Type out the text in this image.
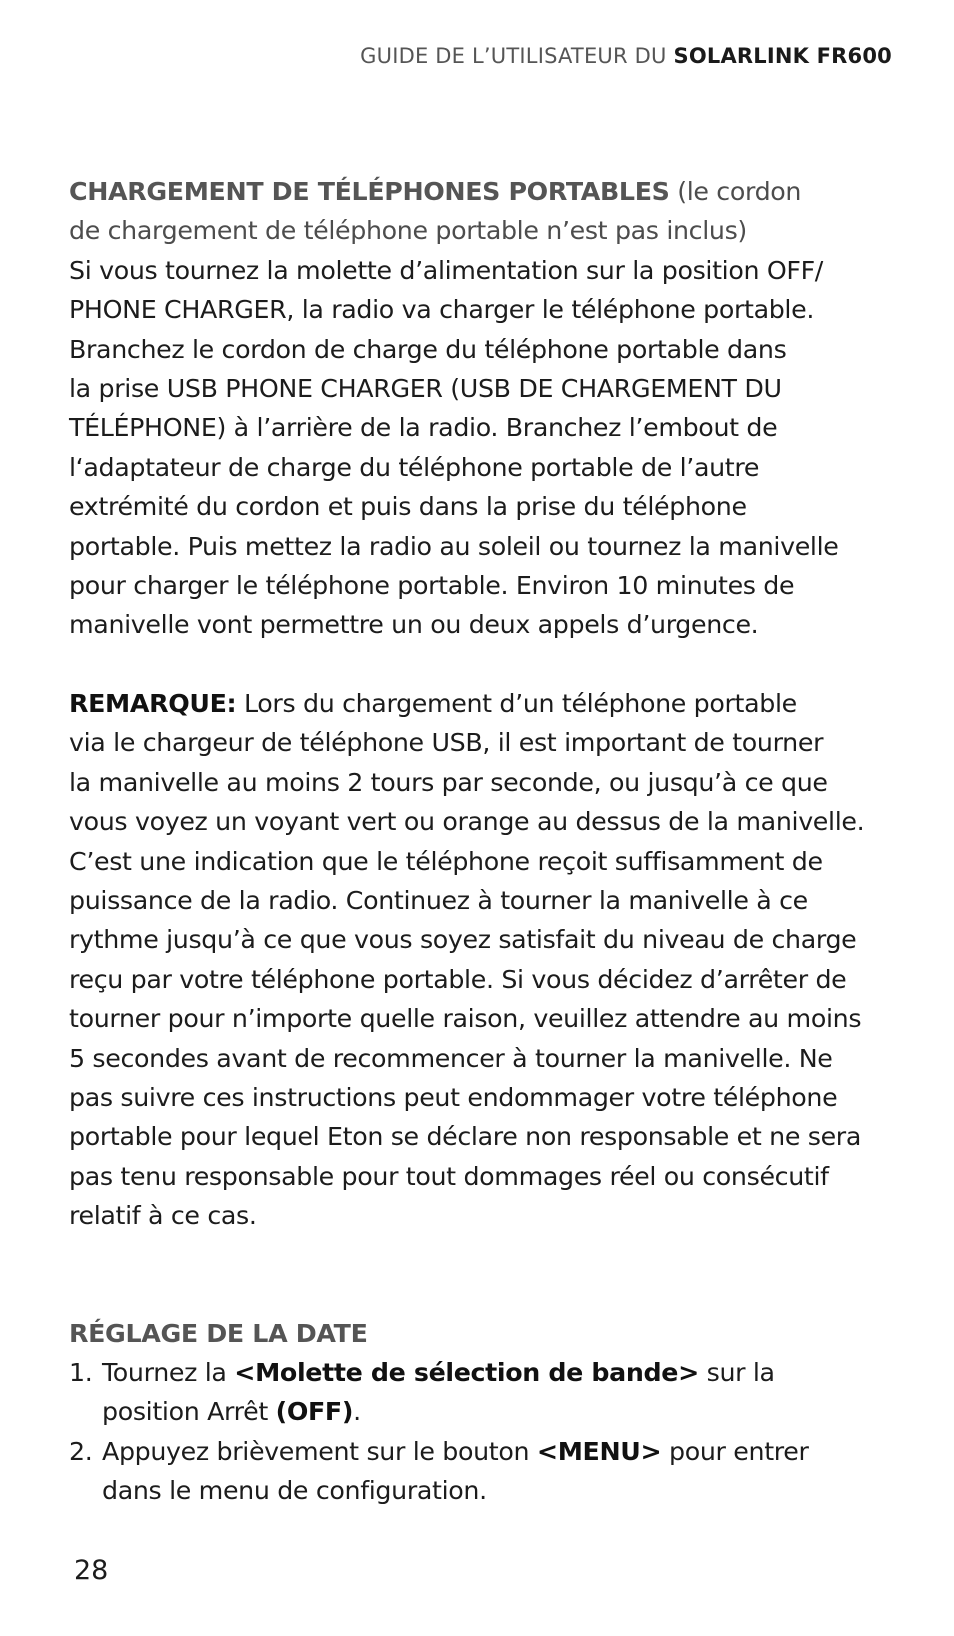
GUIDE DE L’UTILISATEUR DU SOLARLINK FR600
CHARGEMENT DE TÉLÉPHONES PORTABLES (le cordon
de chargement de téléphone portable n’est pas inclus)
Si vous tournez la molette d’alimentation sur la position OFF/
PHONE CHARGER, la radio va charger le téléphone portable.
Branchez le cordon de charge du téléphone portable dans
la prise USB PHONE CHARGER (USB DE CHARGEMENT DU
TÉLÉPHONE) à l’arrière de la radio. Branchez l’embout de
l‘adaptateur de charge du téléphone portable de l’autre
extrémité du cordon et puis dans la prise du téléphone
portable. Puis mettez la radio au soleil ou tournez la manivelle
pour charger le téléphone portable. Environ 10 minutes de
manivelle vont permettre un ou deux appels d’urgence.
REMARQUE: Lors du chargement d’un téléphone portable
via le chargeur de téléphone USB, il est important de tourner
la manivelle au moins 2 tours par seconde, ou jusqu’à ce que
vous voyez un voyant vert ou orange au dessus de la manivelle.
C’est une indication que le téléphone reçoit suffisamment de
puissance de la radio. Continuez à tourner la manivelle à ce
rythme jusqu’à ce que vous soyez satisfait du niveau de charge
reçu par votre téléphone portable. Si vous décidez d’arrêter de
tourner pour n’importe quelle raison, veuillez attendre au moins
5 secondes avant de recommencer à tourner la manivelle. Ne
pas suivre ces instructions peut endommager votre téléphone
portable pour lequel Eton se déclare non responsable et ne sera
pas tenu responsable pour tout dommages réel ou consécutif
relatif à ce cas.
RÉGLAGE DE LA DATE
1. Tournez la <Molette de sélection de bande> sur la
position Arrêt (OFF).
2. Appuyez brièvement sur le bouton <MENU> pour entrer
dans le menu de configuration.
28
